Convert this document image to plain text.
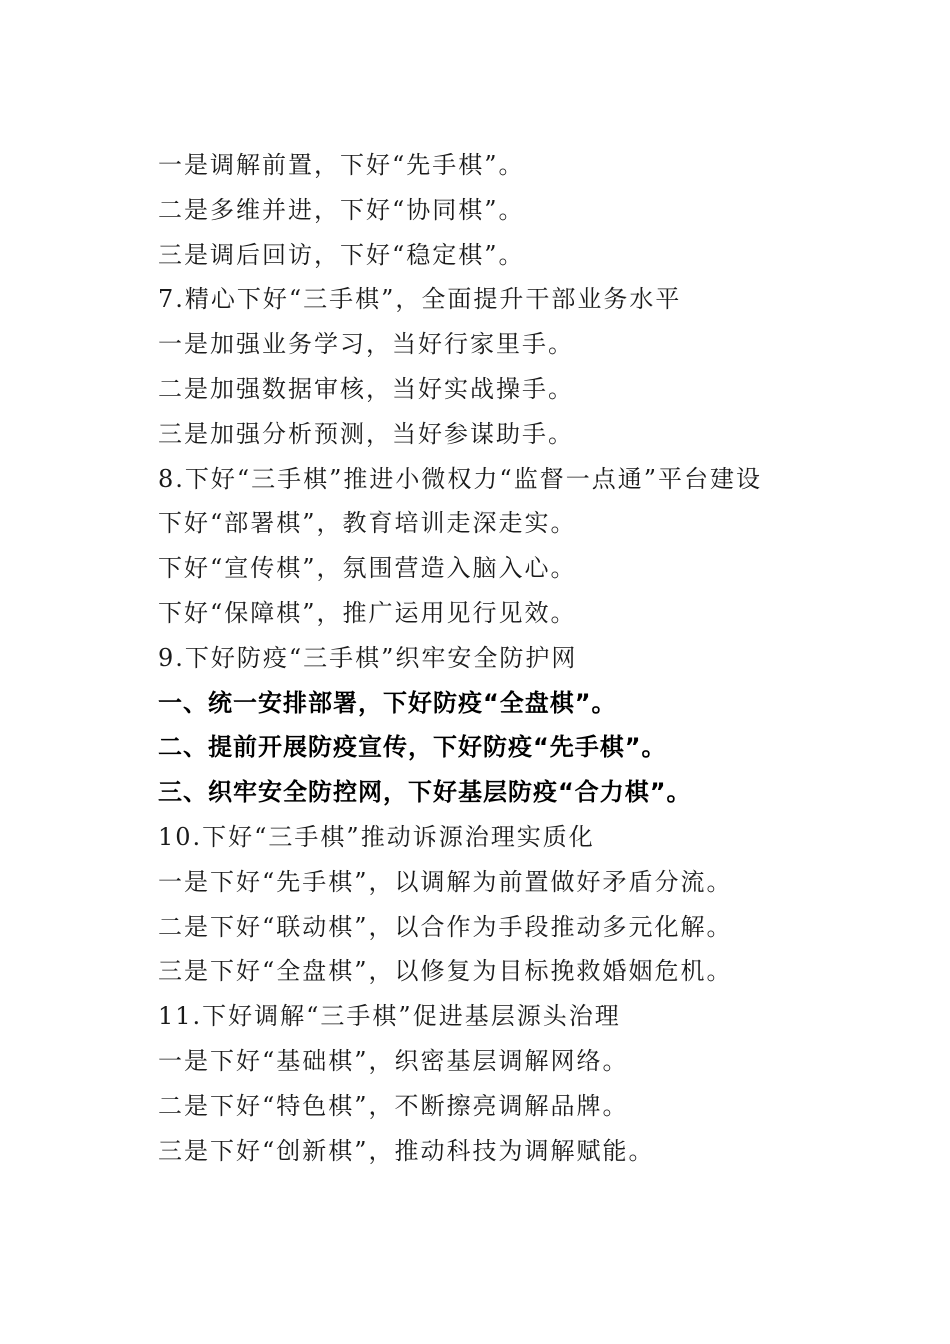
一是调解前置，下好“先手棋”。
二是多维并进，下好“协同棋”。
三是调后回访，下好“稳定棋”。
7.精心下好“三手棋”，全面提升干部业务水平
一是加强业务学习，当好行家里手。
二是加强数据审核，当好实战操手。
三是加强分析预测，当好参谋助手。
8.下好“三手棋”推进小微权力“监督一点通”平台建设
下好“部署棋”，教育培训走深走实。
下好“宣传棋”，氛围营造入脑入心。
下好“保障棋”，推广运用见行见效。
9.下好防疫“三手棋”织牢安全防护网
一、统一安排部署，下好防疫“全盘棋”。
二、提前开展防疫宣传，下好防疫“先手棋”。
三、织牢安全防控网，下好基层防疫“合力棋”。
10.下好“三手棋”推动诉源治理实质化
一是下好“先手棋”，以调解为前置做好矛盾分流。
二是下好“联动棋”，以合作为手段推动多元化解。
三是下好“全盘棋”，以修复为目标挽救婚姻危机。
11.下好调解“三手棋”促进基层源头治理
一是下好“基础棋”，织密基层调解网络。
二是下好“特色棋”，不断擦亮调解品牌。
三是下好“创新棋”，推动科技为调解赋能。
